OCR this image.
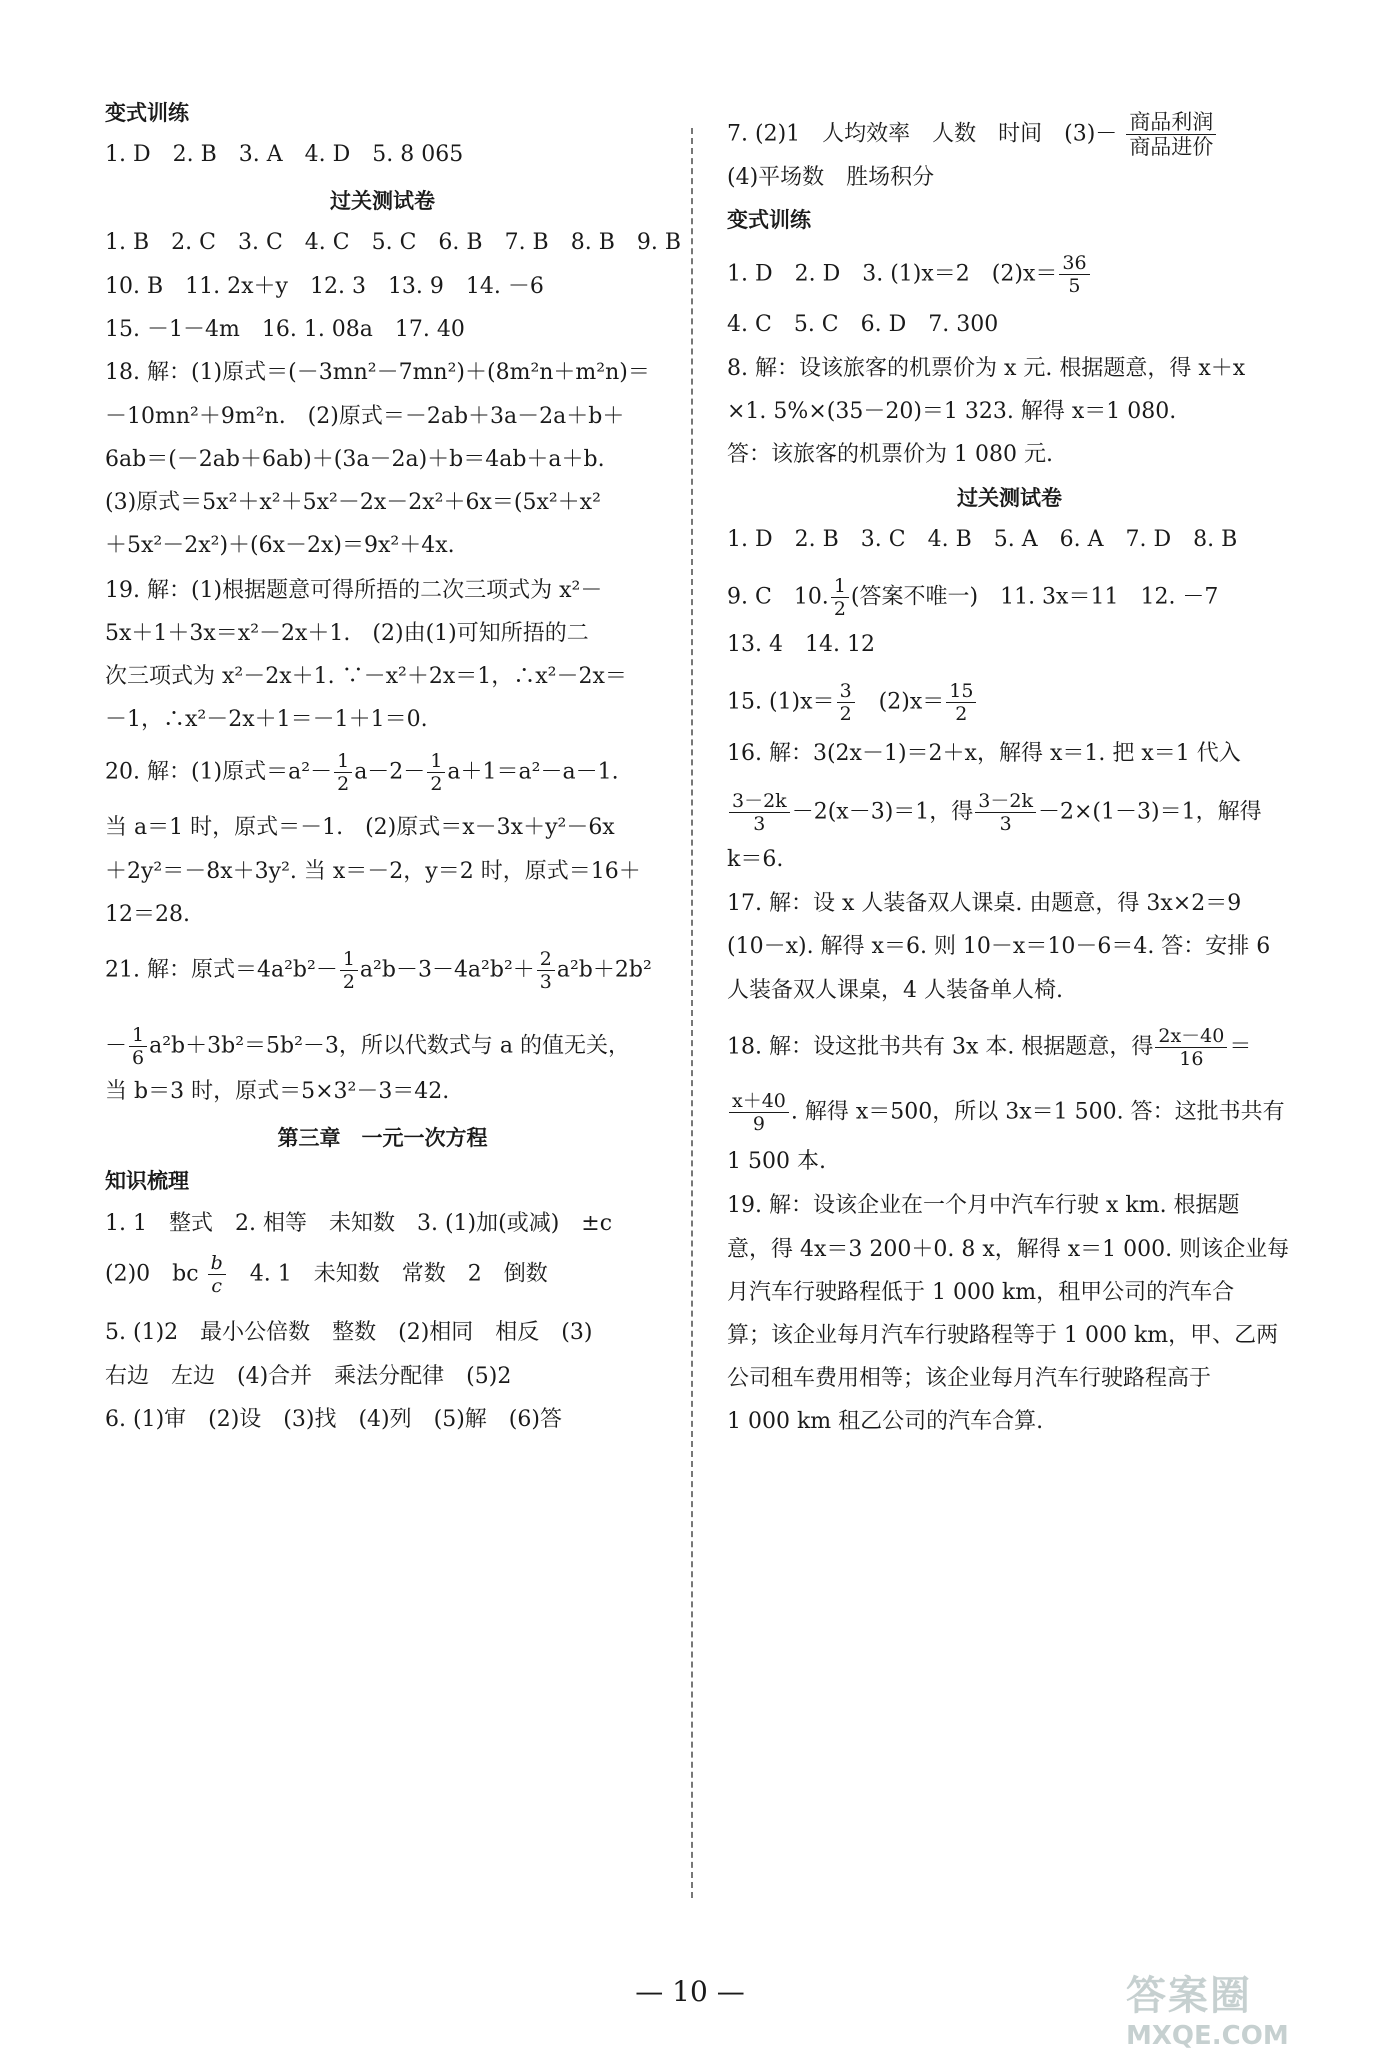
变式训练
1. D　2. B　3. A　4. D　5. 8 065
过关测试卷
1. B　2. C　3. C　4. C　5. C　6. B　7. B　8. B　9. B
10. B　11. 2x＋y　12. 3　13. 9　14. －6
15. －1－4m　16. 1. 08a　17. 40
18. 解：(1)原式＝(－3mn²－7mn²)＋(8m²n＋m²n)＝
－10mn²＋9m²n.　(2)原式＝－2ab＋3a－2a＋b＋
6ab＝(－2ab＋6ab)＋(3a－2a)＋b＝4ab＋a＋b.
(3)原式＝5x²＋x²＋5x²－2x－2x²＋6x＝(5x²＋x²
＋5x²－2x²)＋(6x－2x)＝9x²＋4x.
19. 解：(1)根据题意可得所捂的二次三项式为 x²－
5x＋1＋3x＝x²－2x＋1.　(2)由(1)可知所捂的二
次三项式为 x²－2x＋1. ∵－x²＋2x＝1，∴x²－2x＝
－1，∴x²－2x＋1＝－1＋1＝0.
20. 解：(1)原式$=a^2- \frac{1}{2} a-2- \frac{1}{2} a+1=a^2-a-1$.
当 a＝1 时，原式＝－1.　(2)原式＝x－3x＋y²－6x
＋2y²＝－8x＋3y². 当 x＝－2，y＝2 时，原式＝16＋
12＝28.
21. 解：原式$=4a^2b^2- \frac{1}{2} a^2b-3-4a^2b^2+ \frac{2}{3} a^2b+2b^2$
－ $\frac{1}{6} a^2b+3b^2=5b^2-3$，所以代数式与 a 的值无关，
当 b＝3 时，原式＝5×3²－3＝42.
第三章　一元一次方程
知识梳理
1. 1　整式　2. 相等　未知数　3. (1)加(或减)　±c
(2)0　bc $\frac{b}{c}$ 　4. 1　未知数　常数　2　倒数
5. (1)2　最小公倍数　整数　(2)相同　相反　(3)
右边　左边　(4)合并　乘法分配律　(5)2
6. (1)审　(2)设　(3)找　(4)列　(5)解　(6)答
7. (2)1　人均效率　人数　时间　$(3)- \frac{\text{商品利润}}{\text{商品进价}}$
(4)平场数　胜场积分
变式训练
1. D　2. D　3. (1)x＝2　$(2)x= \frac{36}{5}$
4. C　5. C　6. D　7. 300
8. 解：设该旅客的机票价为 x 元. 根据题意，得 x＋x
×1. 5%×(35－20)＝1 323. 解得 x＝1 080.
答：该旅客的机票价为 1 080 元.
过关测试卷
1. D　2. B　3. C　4. B　5. A　6. A　7. D　8. B
9. C　10. $\frac{1}{2}$ (答案不唯一)　11. 3x＝11　12. －7
13. 4　14. 12
15. $(1)x= \frac{3}{2}$ 　$(2)x= \frac{15}{2}$
16. 解：3(2x－1)＝2＋x，解得 x＝1. 把 x＝1 代入
$\frac{3-2k}{3} -2(x-3)=1$，得 $\frac{3-2k}{3} -2\times(1-3)=1$，解得
k＝6.
17. 解：设 x 人装备双人课桌. 由题意，得 3x×2＝9
(10－x). 解得 x＝6. 则 10－x＝10－6＝4. 答：安排 6
人装备双人课桌，4 人装备单人椅.
18. 解：设这批书共有 3x 本. 根据题意，得 $\frac{2x-40}{16}$ ＝
$\frac{x+40}{9}$ . 解得 x＝500，所以 3x＝1 500. 答：这批书共有
1 500 本.
19. 解：设该企业在一个月中汽车行驶 x km. 根据题
意，得 4x＝3 200＋0. 8 x，解得 x＝1 000. 则该企业每
月汽车行驶路程低于 1 000 km，租甲公司的汽车合
算；该企业每月汽车行驶路程等于 1 000 km，甲、乙两
公司租车费用相等；该企业每月汽车行驶路程高于
1 000 km 租乙公司的汽车合算.
— 10 —	答案圈
MXQE.COM
